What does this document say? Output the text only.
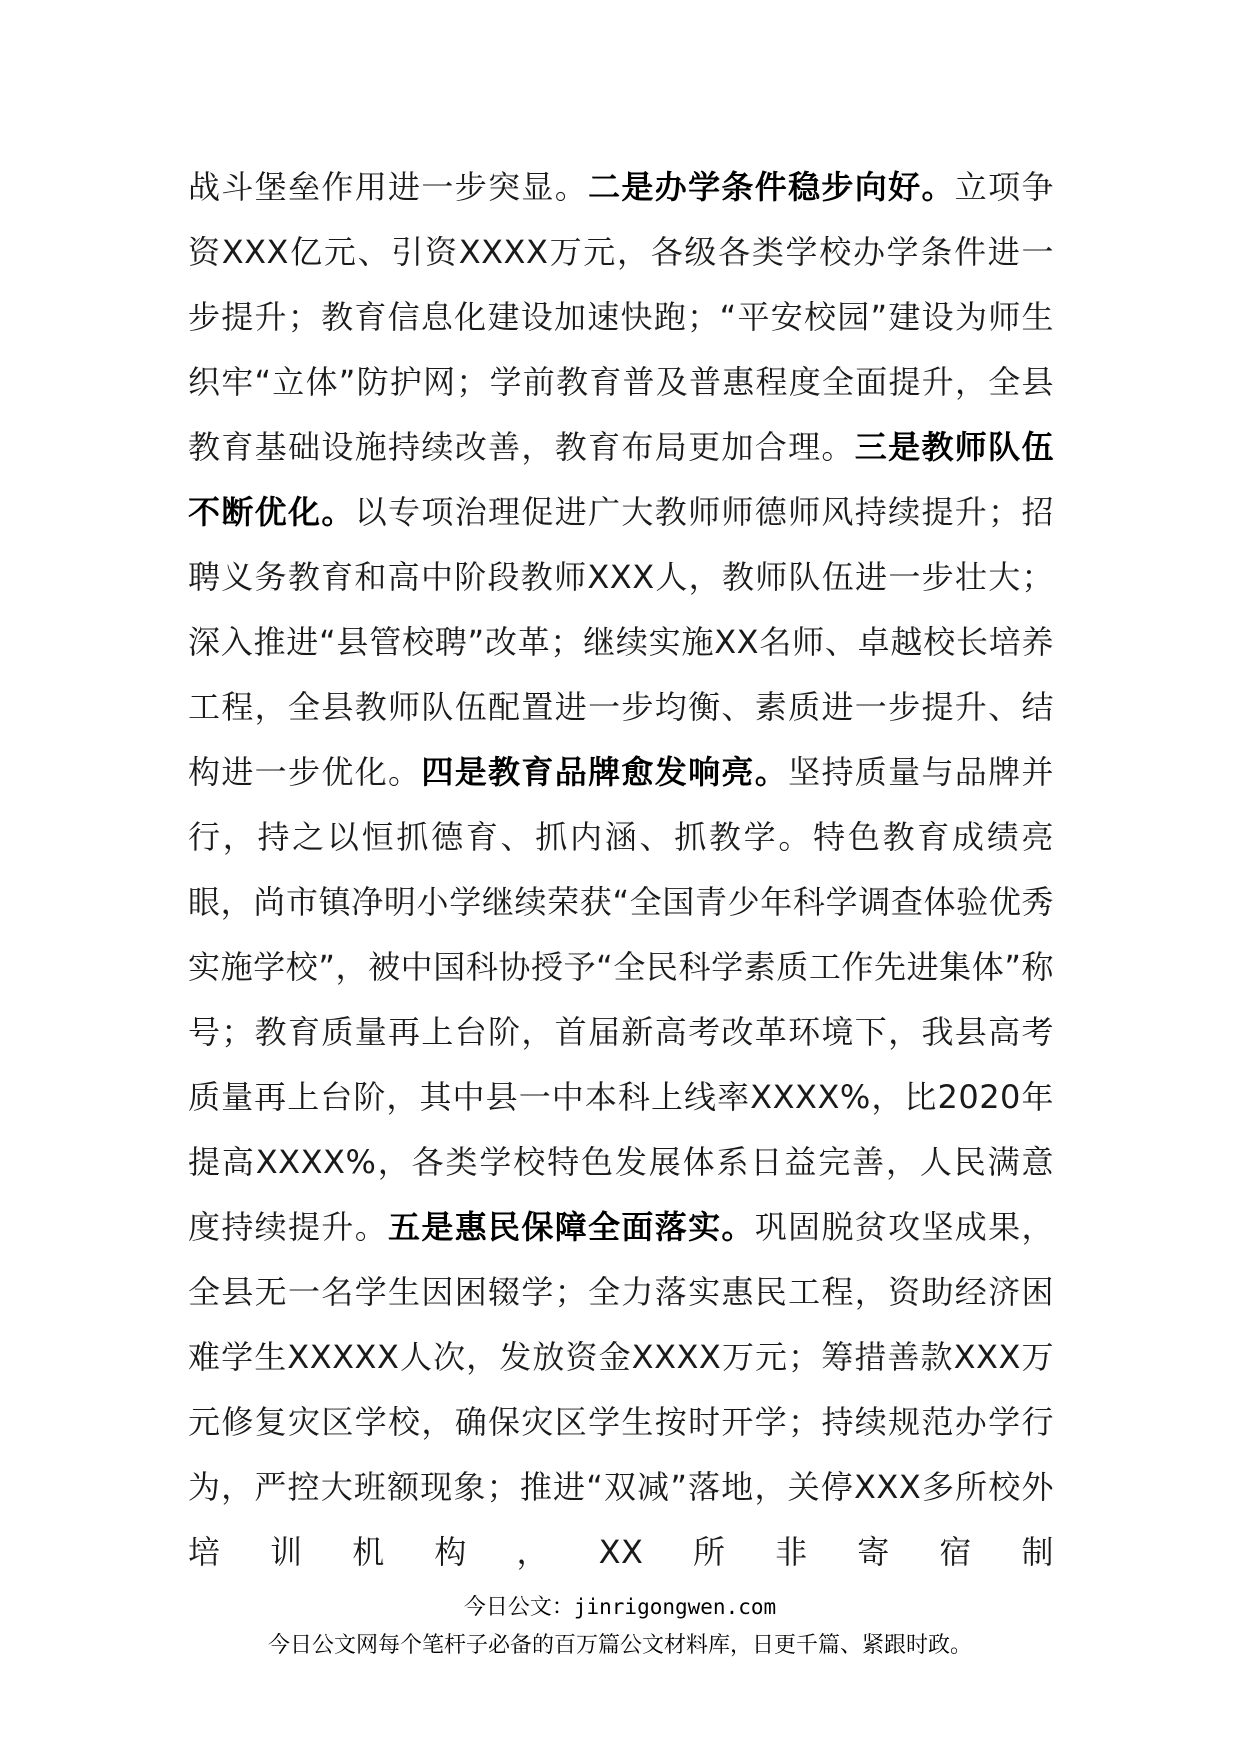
战斗堡垒作用进一步突显。二是办学条件稳步向好。立项争资XXX亿元、引资XXXX万元，各级各类学校办学条件进一步提升；教育信息化建设加速快跑；“平安校园”建设为师生织牢“立体”防护网；学前教育普及普惠程度全面提升，全县教育基础设施持续改善，教育布局更加合理。三是教师队伍不断优化。以专项治理促进广大教师师德师风持续提升；招聘义务教育和高中阶段教师XXX人，教师队伍进一步壮大；深入推进“县管校聘”改革；继续实施XX名师、卓越校长培养工程，全县教师队伍配置进一步均衡、素质进一步提升、结构进一步优化。四是教育品牌愈发响亮。坚持质量与品牌并行，持之以恒抓德育、抓内涵、抓教学。特色教育成绩亮眼，尚市镇净明小学继续荣获“全国青少年科学调查体验优秀实施学校”，被中国科协授予“全民科学素质工作先进集体”称号；教育质量再上台阶，首届新高考改革环境下，我县高考质量再上台阶，其中县一中本科上线率XXXX%，比2020年提高XXXX%，各类学校特色发展体系日益完善，人民满意度持续提升。五是惠民保障全面落实。巩固脱贫攻坚成果，全县无一名学生因困辍学；全力落实惠民工程，资助经济困难学生XXXXX人次，发放资金XXXX万元；筹措善款XXX万元修复灾区学校，确保灾区学生按时开学；持续规范办学行为，严控大班额现象；推进“双减”落地，关停XXX多所校外培训机构，XX所非寄宿制

今日公文：jinrigongwen.com
今日公文网每个笔杆子必备的百万篇公文材料库，日更千篇、紧跟时政。
